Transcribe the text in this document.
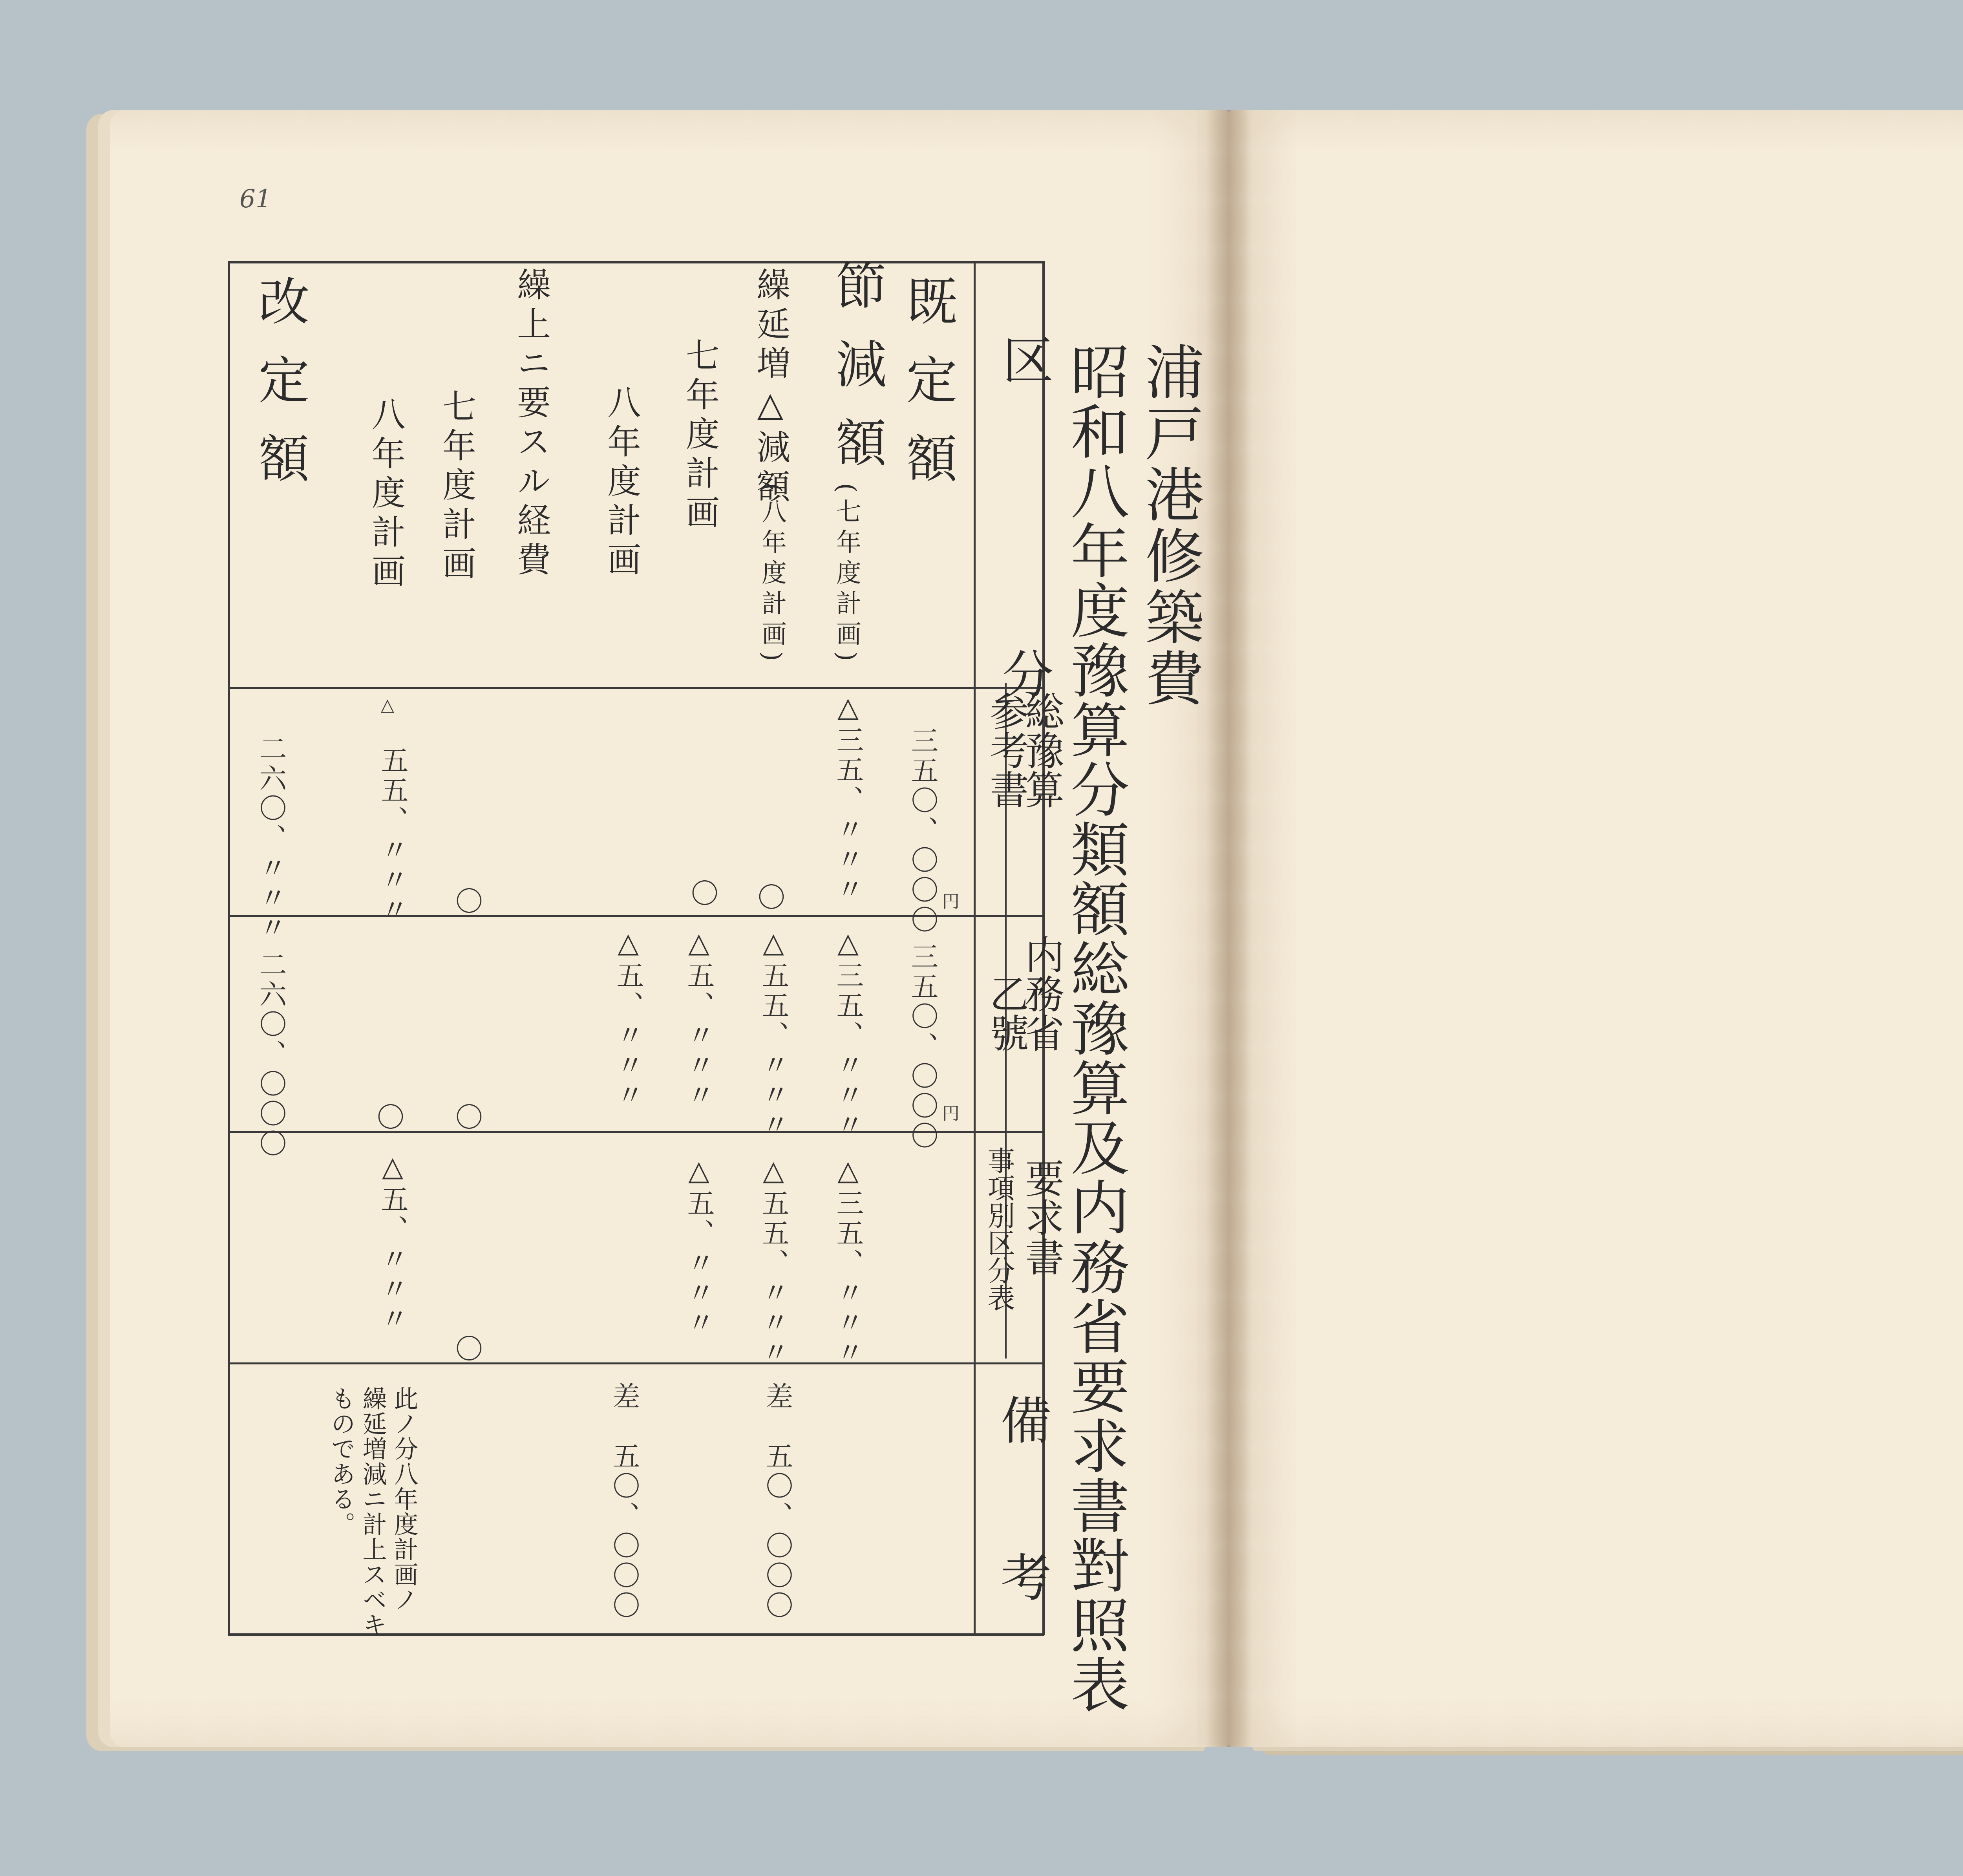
61

浦戸港修築費
昭和八年度豫算分類額総豫算及内務省要求書對照表
区　　　分
総豫算
参考書
内務省
乙號
要求書
事項別区分表
備　考
既定額
節減額
(七年度計画)
繰延増△減額
(八年度計画)
七年度計画
八年度計画
繰上ニ要スル経費
七年度計画
八年度計画
改定額
三五〇、〇〇〇 円
△三五、〃〃〃
〇 〇
△
五五、〃〃〃 〇
二六〇、〃〃〃
三五〇、〇〇〇 円
△三五、〃〃〃
△五五、〃〃〃
△五、〃〃〃
△五、〃〃〃
〇
〇
二六〇、〇〇〇
△三五、〃〃〃
△五五、〃〃〃
△五、〃〃〃
△五、〃〃〃
〇
差　五〇、〇〇〇
差　五〇、〇〇〇
此ノ分八年度計画ノ
繰延増減ニ計上スベキ
ものである。
